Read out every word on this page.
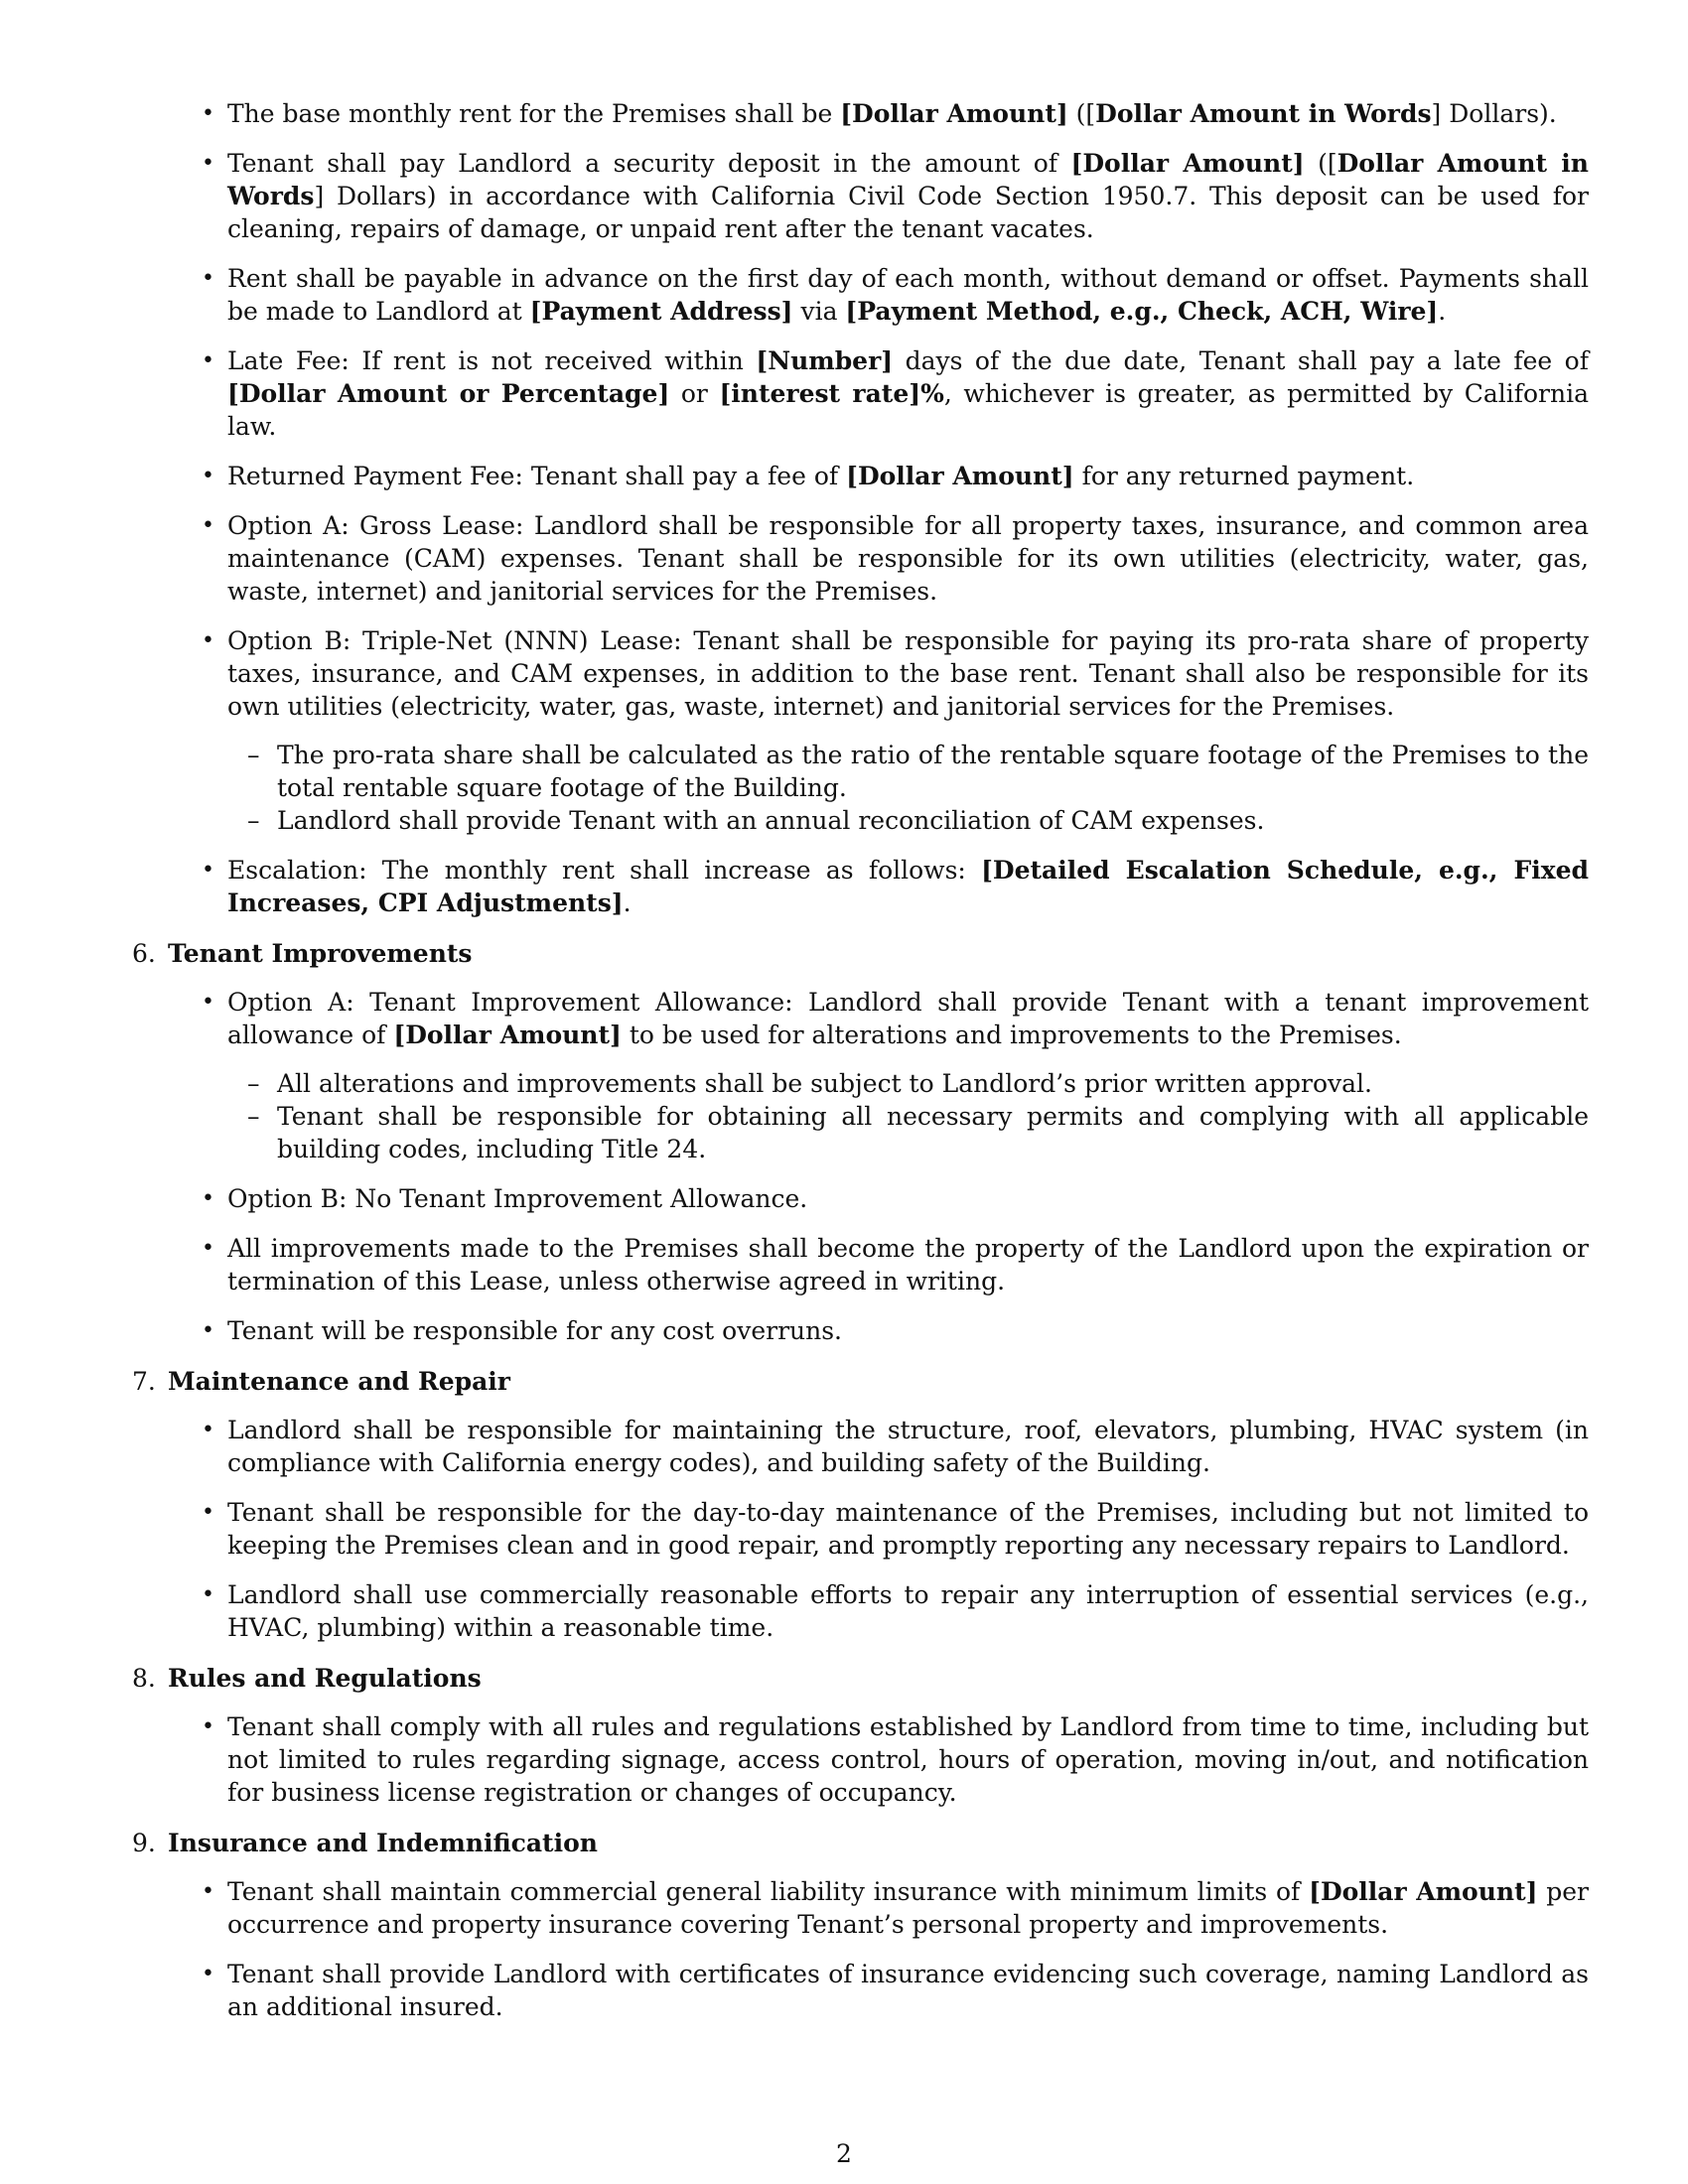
• The base monthly rent for the Premises shall be [Dollar Amount] ([Dollar Amount in Words] Dollars).
• Tenant shall pay Landlord a security deposit in the amount of [Dollar Amount] ([Dollar Amount in Words] Dollars) in accordance with California Civil Code Section 1950.7. This deposit can be used for cleaning, repairs of damage, or unpaid rent after the tenant vacates.
• Rent shall be payable in advance on the first day of each month, without demand or offset. Payments shall be made to Landlord at [Payment Address] via [Payment Method, e.g., Check, ACH, Wire].
• Late Fee: If rent is not received within [Number] days of the due date, Tenant shall pay a late fee of [Dollar Amount or Percentage] or [interest rate]%, whichever is greater, as permitted by California law.
• Returned Payment Fee: Tenant shall pay a fee of [Dollar Amount] for any returned payment.
• Option A: Gross Lease: Landlord shall be responsible for all property taxes, insurance, and common area maintenance (CAM) expenses. Tenant shall be responsible for its own utilities (electricity, water, gas, waste, internet) and janitorial services for the Premises.
• Option B: Triple-Net (NNN) Lease: Tenant shall be responsible for paying its pro-rata share of property taxes, insurance, and CAM expenses, in addition to the base rent. Tenant shall also be responsible for its own utilities (electricity, water, gas, waste, internet) and janitorial services for the Premises.
– The pro-rata share shall be calculated as the ratio of the rentable square footage of the Premises to the total rentable square footage of the Building.
– Landlord shall provide Tenant with an annual reconciliation of CAM expenses.
• Escalation: The monthly rent shall increase as follows: [Detailed Escalation Schedule, e.g., Fixed Increases, CPI Adjustments].
6. Tenant Improvements
• Option A: Tenant Improvement Allowance: Landlord shall provide Tenant with a tenant improvement allowance of [Dollar Amount] to be used for alterations and improvements to the Premises.
– All alterations and improvements shall be subject to Landlord’s prior written approval.
– Tenant shall be responsible for obtaining all necessary permits and complying with all applicable building codes, including Title 24.
• Option B: No Tenant Improvement Allowance.
• All improvements made to the Premises shall become the property of the Landlord upon the expiration or termination of this Lease, unless otherwise agreed in writing.
• Tenant will be responsible for any cost overruns.
7. Maintenance and Repair
• Landlord shall be responsible for maintaining the structure, roof, elevators, plumbing, HVAC system (in compliance with California energy codes), and building safety of the Building.
• Tenant shall be responsible for the day-to-day maintenance of the Premises, including but not limited to keeping the Premises clean and in good repair, and promptly reporting any necessary repairs to Landlord.
• Landlord shall use commercially reasonable efforts to repair any interruption of essential services (e.g., HVAC, plumbing) within a reasonable time.
8. Rules and Regulations
• Tenant shall comply with all rules and regulations established by Landlord from time to time, including but not limited to rules regarding signage, access control, hours of operation, moving in/out, and notification for business license registration or changes of occupancy.
9. Insurance and Indemnification
• Tenant shall maintain commercial general liability insurance with minimum limits of [Dollar Amount] per occurrence and property insurance covering Tenant’s personal property and improvements.
• Tenant shall provide Landlord with certificates of insurance evidencing such coverage, naming Landlord as an additional insured.
2
